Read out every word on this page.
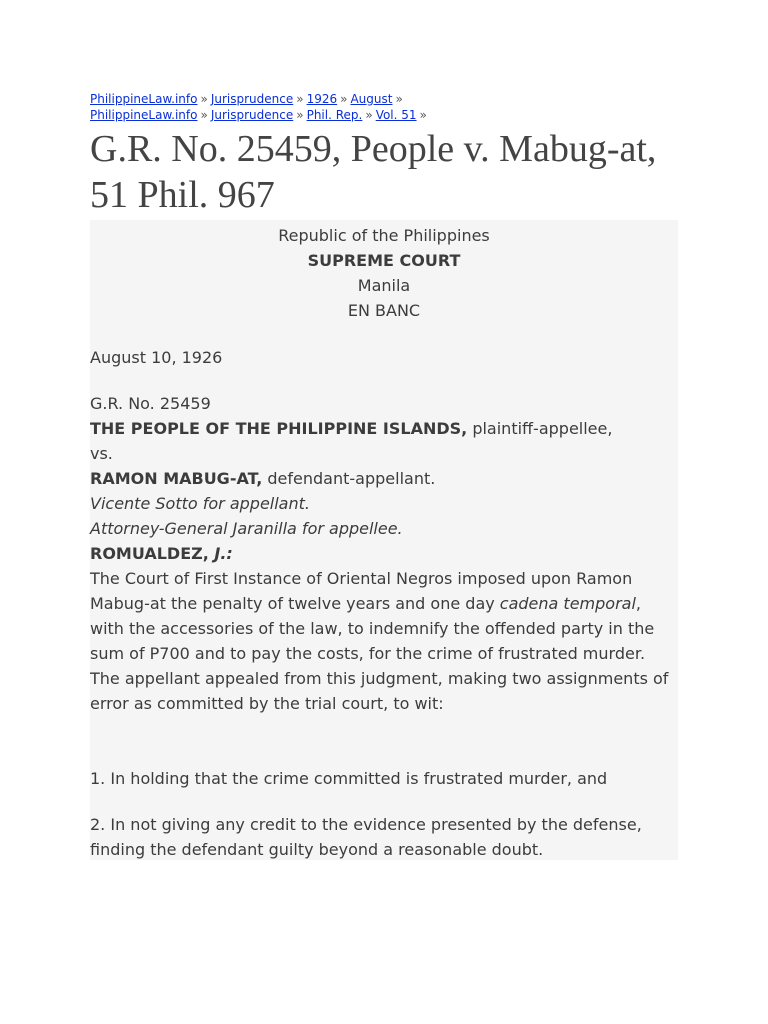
PhilippineLaw.info » Jurisprudence » 1926 » August »
PhilippineLaw.info » Jurisprudence » Phil. Rep. » Vol. 51 »
G.R. No. 25459, People v. Mabug-at,
51 Phil. 967
Republic of the Philippines
SUPREME COURT
Manila
EN BANC
August 10, 1926
G.R. No. 25459
THE PEOPLE OF THE PHILIPPINE ISLANDS, plaintiff-appellee,
vs.
RAMON MABUG-AT, defendant-appellant.
Vicente Sotto for appellant.
Attorney-General Jaranilla for appellee.
ROMUALDEZ, J.:
The Court of First Instance of Oriental Negros imposed upon Ramon Mabug-at the penalty of twelve years and one day cadena temporal, with the accessories of the law, to indemnify the offended party in the sum of P700 and to pay the costs, for the crime of frustrated murder.
The appellant appealed from this judgment, making two assignments of error as committed by the trial court, to wit:
1. In holding that the crime committed is frustrated murder, and
2. In not giving any credit to the evidence presented by the defense, finding the defendant guilty beyond a reasonable doubt.
